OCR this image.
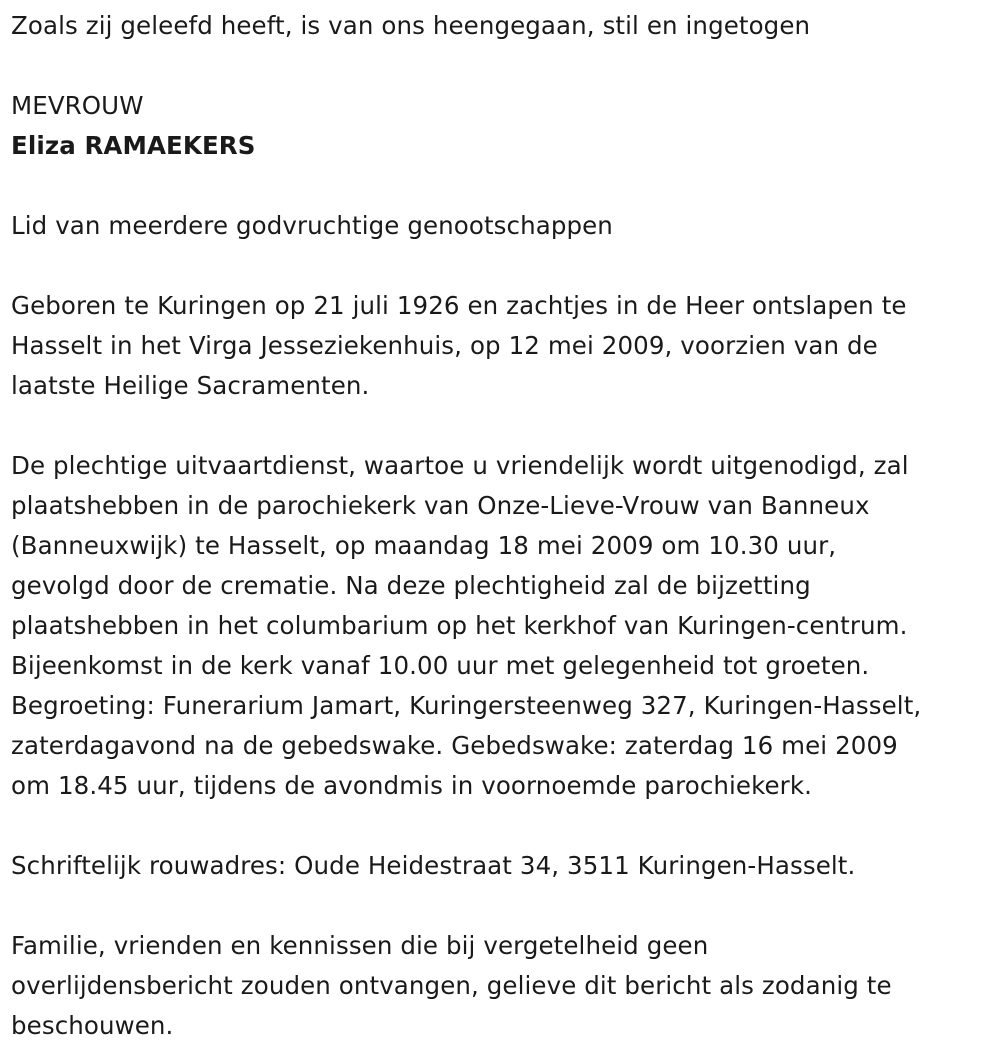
Zoals zij geleefd heeft, is van ons heengegaan, stil en ingetogen
MEVROUW
Eliza RAMAEKERS
Lid van meerdere godvruchtige genootschappen
Geboren te Kuringen op 21 juli 1926 en zachtjes in de Heer ontslapen te
Hasselt in het Virga Jesseziekenhuis, op 12 mei 2009, voorzien van de
laatste Heilige Sacramenten.
De plechtige uitvaartdienst, waartoe u vriendelijk wordt uitgenodigd, zal
plaatshebben in de parochiekerk van Onze-Lieve-Vrouw van Banneux
(Banneuxwijk) te Hasselt, op maandag 18 mei 2009 om 10.30 uur,
gevolgd door de crematie. Na deze plechtigheid zal de bijzetting
plaatshebben in het columbarium op het kerkhof van Kuringen-centrum.
Bijeenkomst in de kerk vanaf 10.00 uur met gelegenheid tot groeten.
Begroeting: Funerarium Jamart, Kuringersteenweg 327, Kuringen-Hasselt,
zaterdagavond na de gebedswake. Gebedswake: zaterdag 16 mei 2009
om 18.45 uur, tijdens de avondmis in voornoemde parochiekerk.
Schriftelijk rouwadres: Oude Heidestraat 34, 3511 Kuringen-Hasselt.
Familie, vrienden en kennissen die bij vergetelheid geen
overlijdensbericht zouden ontvangen, gelieve dit bericht als zodanig te
beschouwen.
